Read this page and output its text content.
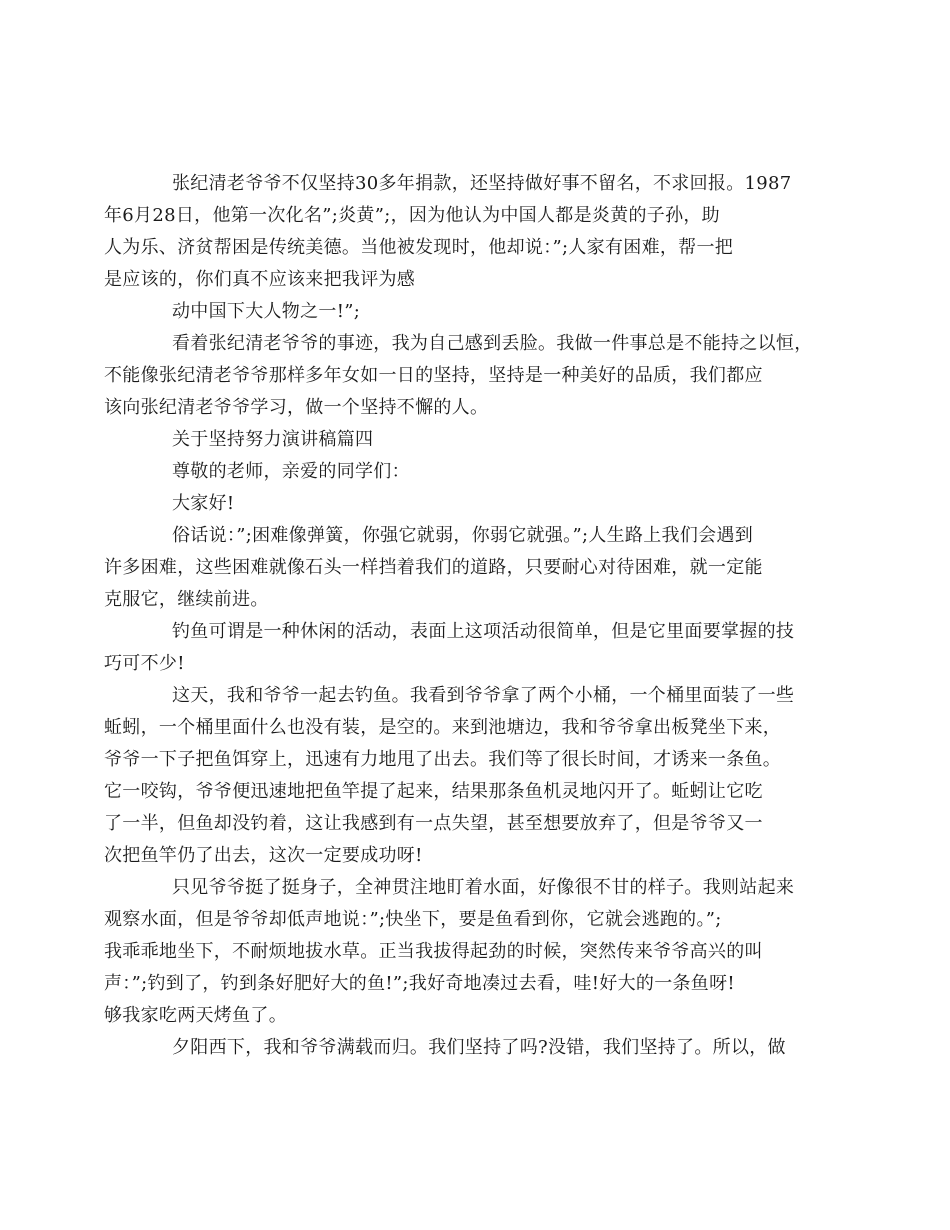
张纪清老爷爷不仅坚持30多年捐款，还坚持做好事不留名，不求回报。1987
年6月28日，他第一次化名”;炎黄”;，因为他认为中国人都是炎黄的子孙，助
人为乐、济贫帮困是传统美德。当他被发现时，他却说：”;人家有困难，帮一把
是应该的，你们真不应该来把我评为感

动中国下大人物之一!”;

看着张纪清老爷爷的事迹，我为自己感到丢脸。我做一件事总是不能持之以恒，
不能像张纪清老爷爷那样多年女如一日的坚持，坚持是一种美好的品质，我们都应
该向张纪清老爷爷学习，做一个坚持不懈的人。

关于坚持努力演讲稿篇四

尊敬的老师，亲爱的同学们：

大家好!

俗话说：”;困难像弹簧，你强它就弱，你弱它就强。”;人生路上我们会遇到
许多困难，这些困难就像石头一样挡着我们的道路，只要耐心对待困难，就一定能
克服它，继续前进。

钓鱼可谓是一种休闲的活动，表面上这项活动很简单，但是它里面要掌握的技
巧可不少!

这天，我和爷爷一起去钓鱼。我看到爷爷拿了两个小桶，一个桶里面装了一些
蚯蚓，一个桶里面什么也没有装，是空的。来到池塘边，我和爷爷拿出板凳坐下来，
爷爷一下子把鱼饵穿上，迅速有力地甩了出去。我们等了很长时间，才诱来一条鱼。
它一咬钩，爷爷便迅速地把鱼竿提了起来，结果那条鱼机灵地闪开了。蚯蚓让它吃
了一半，但鱼却没钓着，这让我感到有一点失望，甚至想要放弃了，但是爷爷又一
次把鱼竿仍了出去，这次一定要成功呀!

只见爷爷挺了挺身子，全神贯注地盯着水面，好像很不甘的样子。我则站起来
观察水面，但是爷爷却低声地说：”;快坐下，要是鱼看到你，它就会逃跑的。”;
我乖乖地坐下，不耐烦地拔水草。正当我拔得起劲的时候，突然传来爷爷高兴的叫
声：”;钓到了，钓到条好肥好大的鱼!”;我好奇地凑过去看，哇!好大的一条鱼呀!
够我家吃两天烤鱼了。

夕阳西下，我和爷爷满载而归。我们坚持了吗?没错，我们坚持了。所以，做
